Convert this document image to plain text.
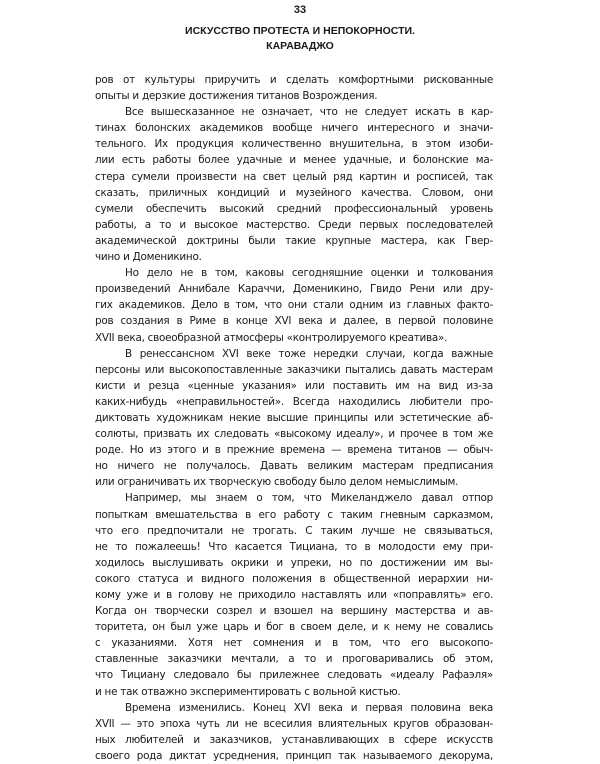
33
ИСКУССТВО ПРОТЕСТА И НЕПОКОРНОСТИ.
КАРАВАДЖО
ров от культуры приручить и сделать комфортными рискованные
опыты и дерзкие достижения титанов Возрождения.
Все вышесказанное не означает, что не следует искать в кар-
тинах болонских академиков вообще ничего интересного и значи-
тельного. Их продукция количественно внушительна, в этом изоби-
лии есть работы более удачные и менее удачные, и болонские ма-
стера сумели произвести на свет целый ряд картин и росписей, так
сказать, приличных кондиций и музейного качества. Словом, они
сумели обеспечить высокий средний профессиональный уровень
работы, а то и высокое мастерство. Среди первых последователей
академической доктрины были такие крупные мастера, как Гвер-
чино и Доменикино.
Но дело не в том, каковы сегодняшние оценки и толкования
произведений Аннибале Караччи, Доменикино, Гвидо Рени или дру-
гих академиков. Дело в том, что они стали одним из главных факто-
ров создания в Риме в конце XVI века и далее, в первой половине
XVII века, своеобразной атмосферы «контролируемого креатива».
В ренессансном XVI веке тоже нередки случаи, когда важные
персоны или высокопоставленные заказчики пытались давать мастерам
кисти и резца «ценные указания» или поставить им на вид из-за
каких-нибудь «неправильностей». Всегда находились любители про-
диктовать художникам некие высшие принципы или эстетические аб-
солюты, призвать их следовать «высокому идеалу», и прочее в том же
роде. Но из этого и в прежние времена — времена титанов — обыч-
но ничего не получалось. Давать великим мастерам предписания
или ограничивать их творческую свободу было делом немыслимым.
Например, мы знаем о том, что Микеланджело давал отпор
попыткам вмешательства в его работу с таким гневным сарказмом,
что его предпочитали не трогать. С таким лучше не связываться,
не то пожалеешь! Что касается Тициана, то в молодости ему при-
ходилось выслушивать окрики и упреки, но по достижении им вы-
сокого статуса и видного положения в общественной иерархии ни-
кому уже и в голову не приходило наставлять или «поправлять» его.
Когда он творчески созрел и взошел на вершину мастерства и ав-
торитета, он был уже царь и бог в своем деле, и к нему не совались
с указаниями. Хотя нет сомнения и в том, что его высокопо-
ставленные заказчики мечтали, а то и проговаривались об этом,
что Тициану следовало бы прилежнее следовать «идеалу Рафаэля»
и не так отважно экспериментировать с вольной кистью.
Времена изменились. Конец XVI века и первая половина века
XVII — это эпоха чуть ли не всесилия влиятельных кругов образован-
ных любителей и заказчиков, устанавливающих в сфере искусств
своего рода диктат усреднения, принцип так называемого декорума,
